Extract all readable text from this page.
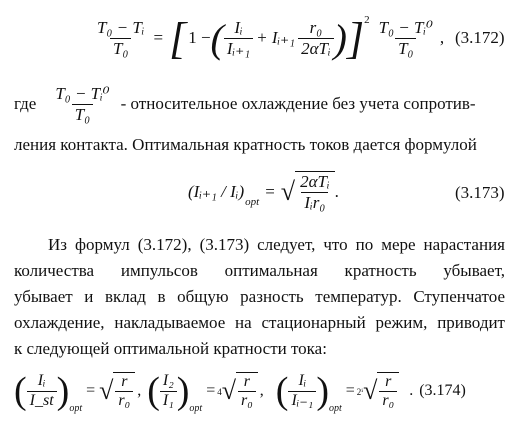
$\frac{\text{T₀ − Tᵢ}}{\text{T₀}}$ = [ 1 − ( $\frac{\text{Iᵢ}}{\text{Iᵢ₊₁}}$ + Iᵢ₊₁ $\frac{\text{r₀}}{\text{2αTᵢ}}$ ) ] $2 \frac{\text{T₀ − Tᵢ⁰}}{\text{T₀}}$ , (3.172)
где $\frac{\text{T₀ − Tᵢ⁰}}{\text{T₀}}$ - относительное охлаждение без учета сопротив-
ления контакта. Оптимальная кратность токов дается формулой
(Iᵢ₊₁ / Iᵢ)
opt
= √ $\frac{\text{2αTᵢ}}{\text{Iᵢr₀}}$ .	(3.173)
Из формул (3.172), (3.173) следует, что по мере нарастания
количества импульсов оптимальная кратность убывает,
убывает и вклад в общую разность температур. Ступенчатое
охлаждение, накладываемое на стационарный режим, приводит
к следующей оптимальной кратности тока:
( $\frac{\text{Iᵢ}}{I\_st}$ ) opt
= √ $\frac{r}{\text{r₀}}$ , ( $\frac{\text{I₂}}{\text{I₁}}$ ) opt
= 4 √ $\frac{r}{\text{r₀}}$ , ( $\frac{\text{Iᵢ}}{\text{Iᵢ₋₁}}$ ) opt
= 2ⁱ √ $\frac{r}{\text{r₀}}$ . (3.174)
